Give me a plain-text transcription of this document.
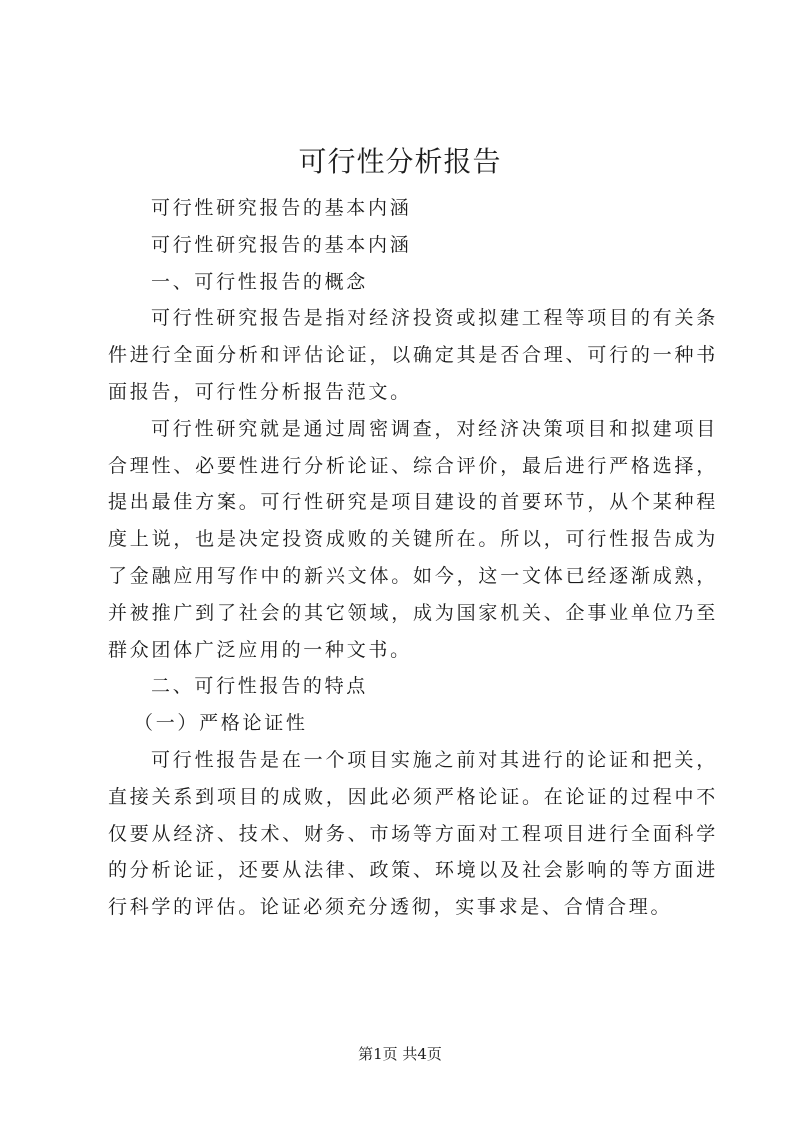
可行性分析报告

可行性研究报告的基本内涵

可行性研究报告的基本内涵

一、可行性报告的概念

可行性研究报告是指对经济投资或拟建工程等项目的有关条件进行全面分析和评估论证，以确定其是否合理、可行的一种书面报告，可行性分析报告范文。

可行性研究就是通过周密调查，对经济决策项目和拟建项目合理性、必要性进行分析论证、综合评价，最后进行严格选择，提出最佳方案。可行性研究是项目建设的首要环节，从个某种程度上说，也是决定投资成败的关键所在。所以，可行性报告成为了金融应用写作中的新兴文体。如今，这一文体已经逐渐成熟，并被推广到了社会的其它领域，成为国家机关、企事业单位乃至群众团体广泛应用的一种文书。

二、可行性报告的特点

（一）严格论证性

可行性报告是在一个项目实施之前对其进行的论证和把关，直接关系到项目的成败，因此必须严格论证。在论证的过程中不仅要从经济、技术、财务、市场等方面对工程项目进行全面科学的分析论证，还要从法律、政策、环境以及社会影响的等方面进行科学的评估。论证必须充分透彻，实事求是、合情合理。

第1页 共4页
